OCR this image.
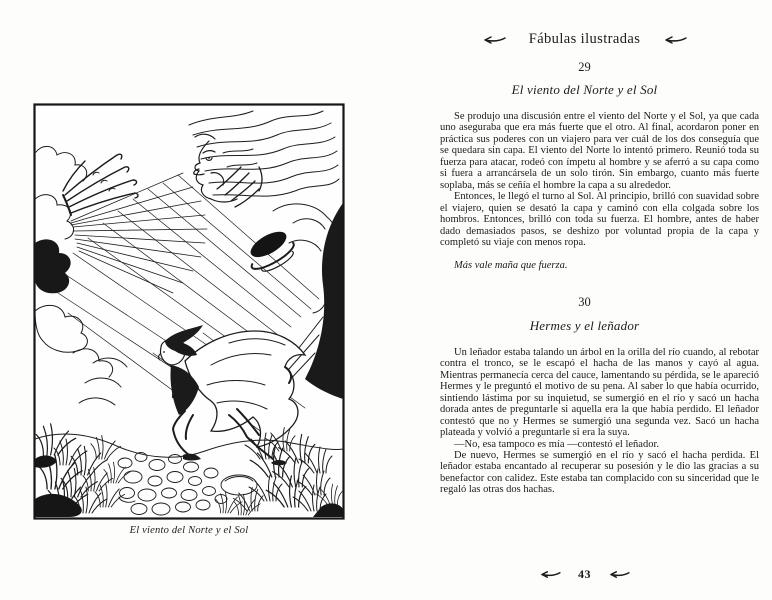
El viento del Norte y el Sol
Fábulas ilustradas
29
El viento del Norte y el Sol

Se produjo una discusión entre el viento del Norte y el Sol, ya que cada uno aseguraba que era más fuerte que el otro. Al final, acordaron poner en práctica sus poderes con un viajero para ver cuál de los dos conseguía que se quedara sin capa. El viento del Norte lo intentó primero. Reunió toda su fuerza para atacar, rodeó con ímpetu al hombre y se aferró a su capa como si fuera a arrancársela de un solo tirón. Sin embargo, cuanto más fuerte soplaba, más se ceñía el hombre la capa a su alrededor.

Entonces, le llegó el turno al Sol. Al principio, brilló con suavidad sobre el viajero, quien se desató la capa y caminó con ella colgada sobre los hombros. Entonces, brilló con toda su fuerza. El hombre, antes de haber dado demasiados pasos, se deshizo por voluntad propia de la capa y completó su viaje con menos ropa.

Más vale maña que fuerza.

30
Hermes y el leñador

Un leñador estaba talando un árbol en la orilla del río cuando, al rebotar contra el tronco, se le escapó el hacha de las manos y cayó al agua. Mientras permanecía cerca del cauce, lamentando su pérdida, se le apareció Hermes y le preguntó el motivo de su pena. Al saber lo que había ocurrido, sintiendo lástima por su inquietud, se sumergió en el río y sacó un hacha dorada antes de preguntarle si aquella era la que había perdido. El leñador contestó que no y Hermes se sumergió una segunda vez. Sacó un hacha plateada y volvió a preguntarle si era la suya.

—No, esa tampoco es mía —contestó el leñador.

De nuevo, Hermes se sumergió en el río y sacó el hacha perdida. El leñador estaba encantado al recuperar su posesión y le dio las gracias a su benefactor con calidez. Este estaba tan complacido con su sinceridad que le regaló las otras dos hachas.

43
